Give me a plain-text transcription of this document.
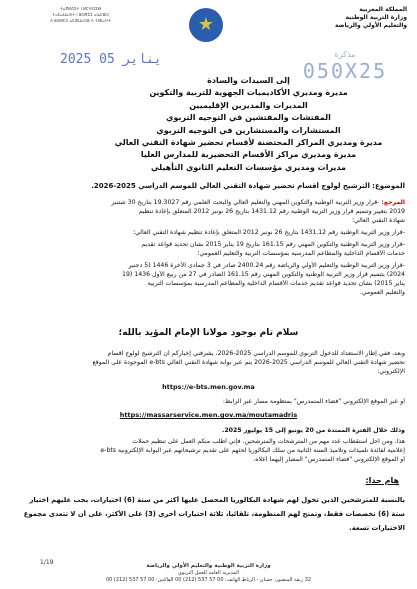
ⵜⴰⴳⵍⴷⵉⵜ ⵏ ⵍⵎⵖⵔⵉⴱ
ⵜⴰⵎⴰⵡⴰⵙⵜ ⵏ ⵓⵙⴳⵎⵉ ⴰⵏⴰⵎⵓⵔ
ⴷ ⵓⵙⵍⵎⴷ ⴰⵎⵣⵡⴰⵔⵓ ⴷ ⵜⵏⵣⴰⵖⵜ	★
المملكة المغربية
وزارة التربية الوطنية
والتعليم الأولي والرياضة
2025 يناير 05	مذكرة
050X25
إلى السيدات والسادة
مديرة ومديري الأكاديميات الجهوية للتربية والتكوين
المديرات والمديرين الإقليميين
المفتشات والمفتشين في التوجيه التربوي
المستشارات والمستشارين في التوجيه التربوي
مديرة ومديري المراكز المحتضنة لأقسام تحضير شهادة التقني العالي
مديرة ومديري مراكز الأقسام التحضيرية للمدارس العليا
مديرات ومديري مؤسسات التعليم الثانوي التأهيلي
الموضوع: الترشيح لولوج أقسام تحضير شهادة التقني العالي للموسم الدراسي 2025-2026.
المرجع: -قرار وزير التربية الوطنية والتكوين المهني والتعليم العالي والبحث العلمي رقم 19.3027 بتاريخ 30 شتنبر
2019 بتغيير وتتميم قرار وزير التربية الوطنية رقم 1431.12 بتاريخ 26 نونبر 2012 المتعلق بإعادة تنظيم
شهادة التقني العالي؛
-قرار وزير التربية الوطنية رقم 1431.12 بتاريخ 26 نونبر 2012 المتعلق بإعادة تنظيم شهادة التقني العالي؛
-قرار وزير التربية الوطنية والتكوين المهني رقم 161.15 بتاريخ 19 يناير 2015 بشأن تحديد قواعد تقديم
خدمات الأقسام الداخلية والمطاعم المدرسية بمؤسسات التربية والتعليم العمومي؛
-قرار وزير التربية الوطنية والتعليم الأولي والرياضة رقم 2400.24 صادر في 3 جمادى الآخرة 1446 (5 دجنبر
2024) بتتميم قرار وزير التربية الوطنية والتكوين المهني رقم 161.15 الصادر في 27 من ربيع الأول 1436 (19
يناير 2015) بشأن تحديد قواعد تقديم خدمات الأقسام الداخلية والمطاعم المدرسية بمؤسسات التربية
والتعليم العمومي.
سلام تام بوجود مولانا الإمام المؤيد بالله؛
وبعد، ففي إطار الاستعداد للدخول التربوي للموسم الدراسي 2025-2026، يشرفني إخباركم أن الترشيح لولوج أقسام
تحضير شهادة التقني العالي للموسم الدراسي 2025-2026 يتم عبر بوابة شهادة التقني العالي e-bts الموجودة على الموقع
الإلكتروني:
https://e-bts.men.gov.ma
أو عبر الموقع الإلكتروني "فضاء المتمدرس" بمنظومة مسار عبر الرابط:
https://massarservice.men.gov.ma/moutamadris
وذلك خلال الفترة الممتدة من 20 يونيو إلى 15 يوليوز 2025.
هذا، ومن أجل استقطاب عدد مهم من المترشحات والمترشحين، فإني أطلب منكم العمل على تنظيم حملات
إعلامية لفائدة تلميذات وتلاميذ السنة الثانية من سلك البكالوريا لحثهم على تقديم ترشيحاتهم عبر البوابة الإلكترونية e-bts
أو الموقع الإلكتروني "فضاء المتمدرس" المشار إليهما أعلاه.
هام جدا:
بالنسبة للمترشحين الذين تخول لهم شهادة البكالوريا المحصل عليها أكثر من ستة (6) اختيارات، يجب عليهم اختيار
ستة (6) تخصصات فقط، وتمنح لهم المنظومة، تلقائيا، ثلاثة اختيارات أخرى (3) على الأكثر، على أن لا تتعدى مجموع
الاختيارات تسعة.
1/19	وزارة التربية الوطنية والتعليم الأولي والرياضة
المديرية العامة للعمل التربوي
32 زنقة المنصور، حسان - الرباط الهاتف: 00 57 537 (212) 00 الفاكس: 00 57 537 (212) 00
